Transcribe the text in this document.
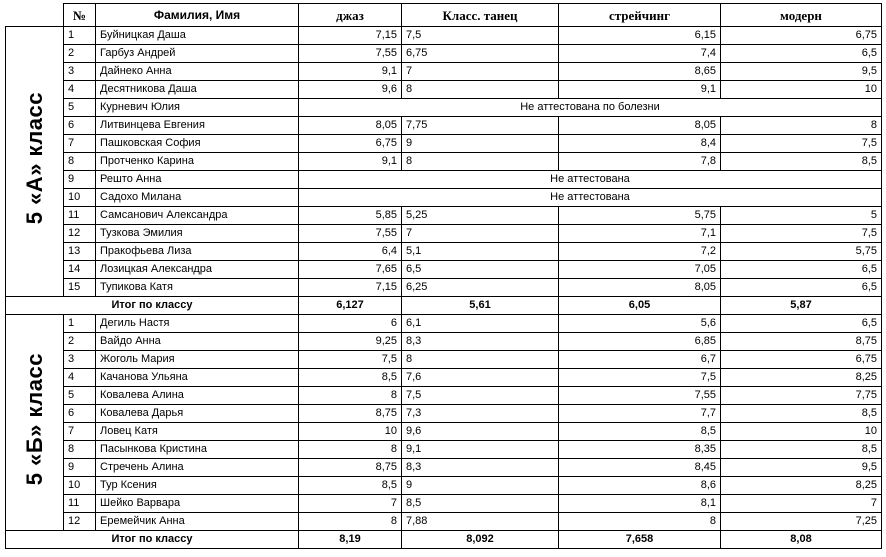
	№	Фамилия, Имя	джаз	Класс. танец	стрейчинг	модерн
5 «А» класс	1	Буйницкая Даша	7,15	7,5	6,15	6,75
	2	Гарбуз Андрей	7,55	6,75	7,4	6,5
	3	Дайнеко Анна	9,1	7	8,65	9,5
	4	Десятникова Даша	9,6	8	9,1	10
	5	Курневич Юлия	Не аттестована по болезни			
	6	Литвинцева Евгения	8,05	7,75	8,05	8
	7	Пашковская София	6,75	9	8,4	7,5
	8	Протченко Карина	9,1	8	7,8	8,5
	9	Решто Анна	Не аттестована			
	10	Садохо Милана	Не аттестована			
	11	Самсанович Александра	5,85	5,25	5,75	5
	12	Тузкова Эмилия	7,55	7	7,1	7,5
	13	Пракофьева Лиза	6,4	5,1	7,2	5,75
	14	Лозицкая Александра	7,65	6,5	7,05	6,5
	15	Тупикова Катя	7,15	6,25	8,05	6,5
Итог по классу			6,127	5,61	6,05	5,87
5 «Б» класс	1	Дегиль Настя	6	6,1	5,6	6,5
	2	Вайдо Анна	9,25	8,3	6,85	8,75
	3	Жоголь Мария	7,5	8	6,7	6,75
	4	Качанова Ульяна	8,5	7,6	7,5	8,25
	5	Ковалева Алина	8	7,5	7,55	7,75
	6	Ковалева Дарья	8,75	7,3	7,7	8,5
	7	Ловец Катя	10	9,6	8,5	10
	8	Пасынкова Кристина	8	9,1	8,35	8,5
	9	Стречень Алина	8,75	8,3	8,45	9,5
	10	Тур Ксения	8,5	9	8,6	8,25
	11	Шейко Варвара	7	8,5	8,1	7
	12	Еремейчик Анна	8	7,88	8	7,25
Итог по классу			8,19	8,092	7,658	8,08
